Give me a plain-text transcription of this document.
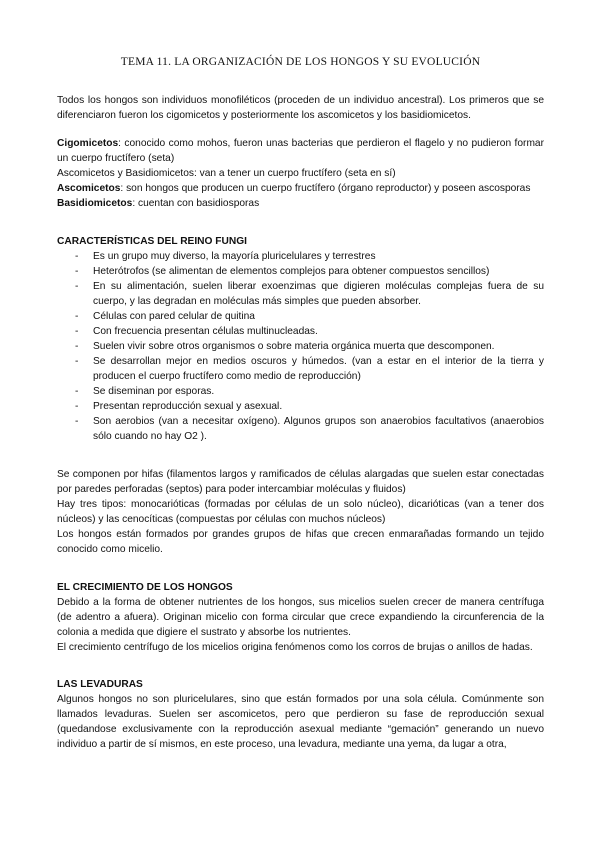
TEMA 11. LA ORGANIZACIÓN DE LOS HONGOS Y SU EVOLUCIÓN

Todos los hongos son individuos monofiléticos (proceden de un individuo ancestral). Los primeros que se diferenciaron fueron los cigomicetos y posteriormente los ascomicetos y los basidiomicetos.

Cigomicetos: conocido como mohos, fueron unas bacterias que perdieron el flagelo y no pudieron formar un cuerpo fructífero (seta)

Ascomicetos y Basidiomicetos: van a tener un cuerpo fructífero (seta en sí)

Ascomicetos: son hongos que producen un cuerpo fructífero (órgano reproductor) y poseen ascosporas

Basidiomicetos: cuentan con basidiosporas

CARACTERÍSTICAS DEL REINO FUNGI

- Es un grupo muy diverso, la mayoría pluricelulares y terrestres
- Heterótrofos (se alimentan de elementos complejos para obtener compuestos sencillos)
- En su alimentación, suelen liberar exoenzimas que digieren moléculas complejas fuera de su cuerpo, y las degradan en moléculas más simples que pueden absorber.
- Células con pared celular de quitina
- Con frecuencia presentan células multinucleadas.
- Suelen vivir sobre otros organismos o sobre materia orgánica muerta que descomponen.
- Se desarrollan mejor en medios oscuros y húmedos. (van a estar en el interior de la tierra y producen el cuerpo fructífero como medio de reproducción)
- Se diseminan por esporas.
- Presentan reproducción sexual y asexual.
- Son aerobios (van a necesitar oxígeno). Algunos grupos son anaerobios facultativos (anaerobios sólo cuando no hay O2 ).

Se componen por hifas (filamentos largos y ramificados de células alargadas que suelen estar conectadas por paredes perforadas (septos) para poder intercambiar moléculas y fluidos)

Hay tres tipos: monocarióticas (formadas por células de un solo núcleo), dicarióticas (van a tener dos núcleos) y las cenocíticas (compuestas por células con muchos núcleos)

Los hongos están formados por grandes grupos de hifas que crecen enmarañadas formando un tejido conocido como micelio.

EL CRECIMIENTO DE LOS HONGOS

Debido a la forma de obtener nutrientes de los hongos, sus micelios suelen crecer de manera centrífuga (de adentro a afuera). Originan micelio con forma circular que crece expandiendo la circunferencia de la colonia a medida que digiere el sustrato y absorbe los nutrientes.

El crecimiento centrífugo de los micelios origina fenómenos como los corros de brujas o anillos de hadas.

LAS LEVADURAS

Algunos hongos no son pluricelulares, sino que están formados por una sola célula. Comúnmente son llamados levaduras. Suelen ser ascomicetos, pero que perdieron su fase de reproducción sexual (quedandose exclusivamente con la reproducción asexual mediante “gemación” generando un nuevo individuo a partir de sí mismos, en este proceso, una levadura, mediante una yema, da lugar a otra,
